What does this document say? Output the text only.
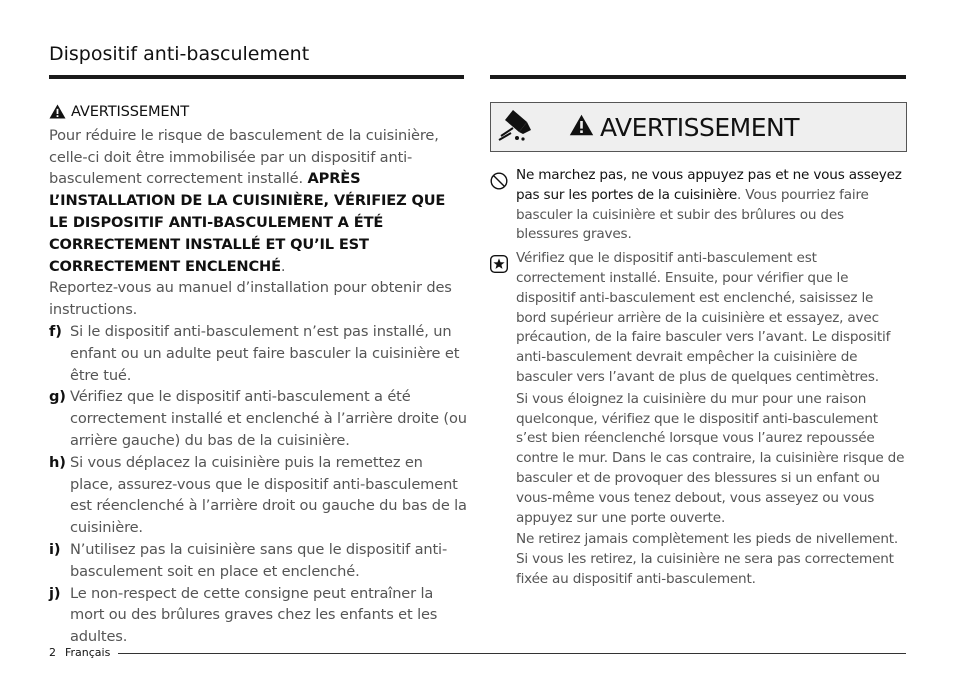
Dispositif anti-basculement
AVERTISSEMENT

Pour réduire le risque de basculement de la cuisinière, celle-ci doit être immobilisée par un dispositif anti-basculement correctement installé. APRÈS L’INSTALLATION DE LA CUISINIÈRE, VÉRIFIEZ QUE LE DISPOSITIF ANTI-BASCULEMENT A ÉTÉ CORRECTEMENT INSTALLÉ ET QU’IL EST CORRECTEMENT ENCLENCHÉ.

Reportez-vous au manuel d’installation pour obtenir des instructions.

f) Si le dispositif anti-basculement n’est pas installé, un enfant ou un adulte peut faire basculer la cuisinière et être tué.
g) Vérifiez que le dispositif anti-basculement a été correctement installé et enclenché à l’arrière droite (ou arrière gauche) du bas de la cuisinière.
h) Si vous déplacez la cuisinière puis la remettez en place, assurez-vous que le dispositif anti-basculement est réenclenché à l’arrière droit ou gauche du bas de la cuisinière.
i) N’utilisez pas la cuisinière sans que le dispositif anti-basculement soit en place et enclenché.
j) Le non-respect de cette consigne peut entraîner la mort ou des brûlures graves chez les enfants et les adultes.
AVERTISSEMENT

Ne marchez pas, ne vous appuyez pas et ne vous asseyez pas sur les portes de la cuisinière. Vous pourriez faire basculer la cuisinière et subir des brûlures ou des blessures graves.

Vérifiez que le dispositif anti-basculement est correctement installé. Ensuite, pour vérifier que le dispositif anti-basculement est enclenché, saisissez le bord supérieur arrière de la cuisinière et essayez, avec précaution, de la faire basculer vers l’avant. Le dispositif anti-basculement devrait empêcher la cuisinière de basculer vers l’avant de plus de quelques centimètres.

Si vous éloignez la cuisinière du mur pour une raison quelconque, vérifiez que le dispositif anti-basculement s’est bien réenclenché lorsque vous l’aurez repoussée contre le mur. Dans le cas contraire, la cuisinière risque de basculer et de provoquer des blessures si un enfant ou vous-même vous tenez debout, vous asseyez ou vous appuyez sur une porte ouverte.

Ne retirez jamais complètement les pieds de nivellement. Si vous les retirez, la cuisinière ne sera pas correctement fixée au dispositif anti-basculement.

2 Français
